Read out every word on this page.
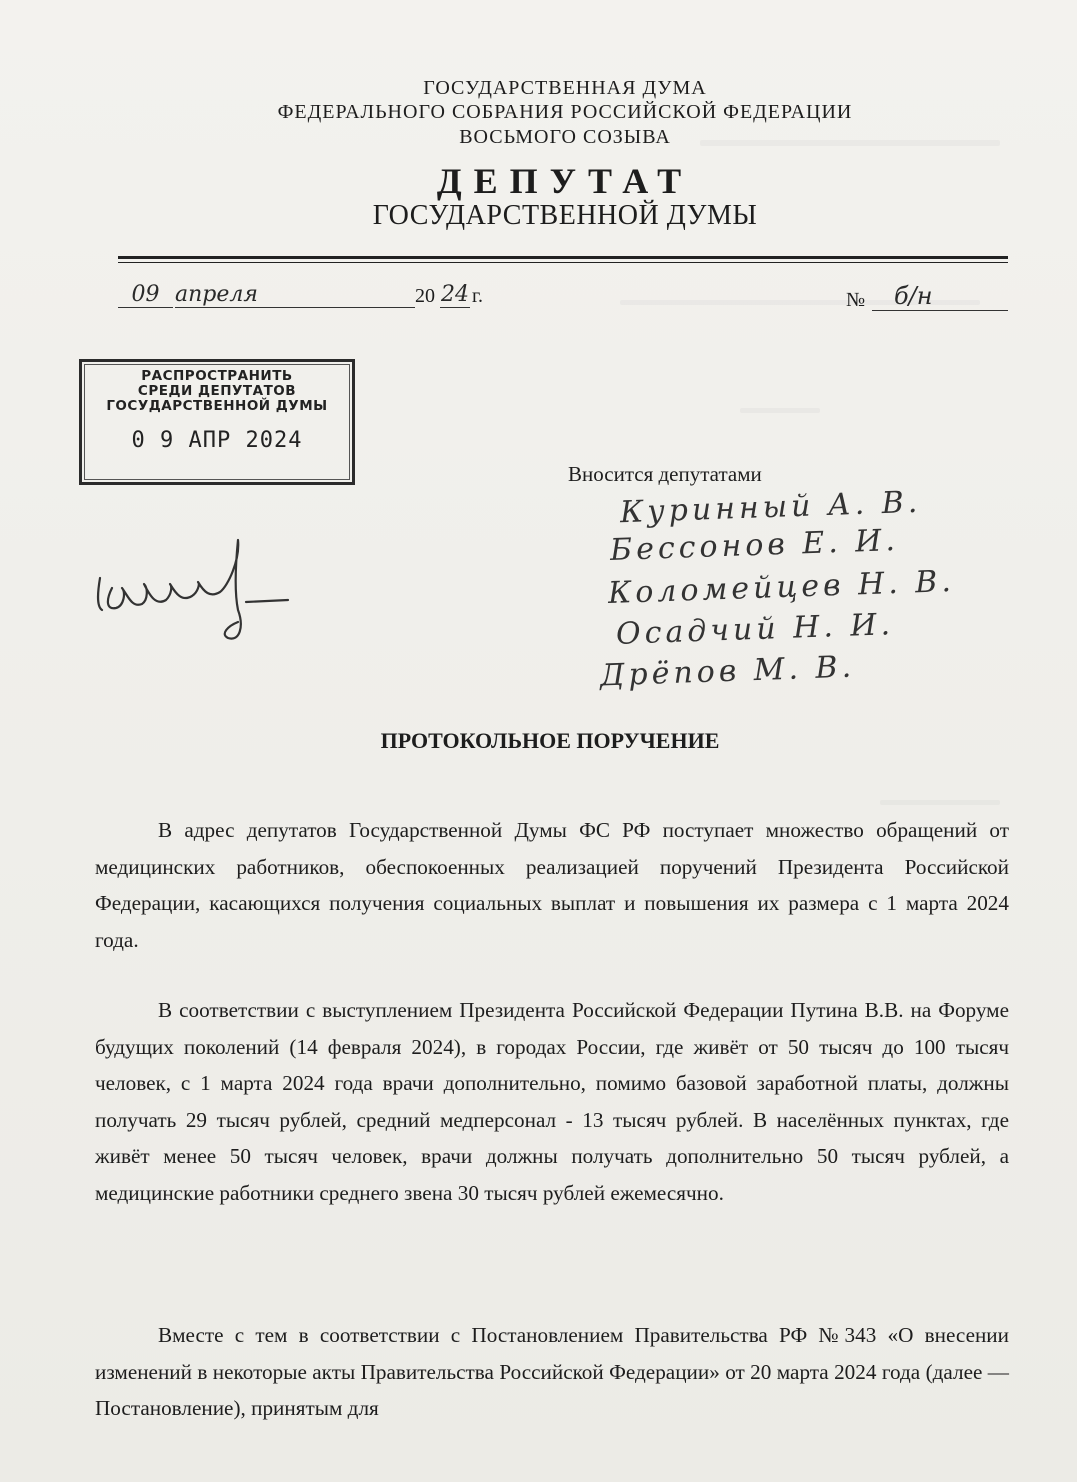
ГОСУДАРСТВЕННАЯ ДУМА
ФЕДЕРАЛЬНОГО СОБРАНИЯ РОССИЙСКОЙ ФЕДЕРАЦИИ
ВОСЬМОГО СОЗЫВА
ДЕПУТАТ
ГОСУДАРСТВЕННОЙ ДУМЫ
09 апреля	20 24 г.	№	б/н
РАСПРОСТРАНИТЬ
СРЕДИ ДЕПУТАТОВ
ГОСУДАРСТВЕННОЙ ДУМЫ
0 9 АПР 2024
Вносится депутатами
Куринный А. В.
Бессонов Е. И.
Коломейцев Н. В.
Осадчий Н. И.
Дрёпов М. В.
ПРОТОКОЛЬНОЕ ПОРУЧЕНИЕ
В адрес депутатов Государственной Думы ФС РФ поступает множество обращений от медицинских работников, обеспокоенных реализацией поручений Президента Российской Федерации, касающихся получения социальных выплат и повышения их размера с 1 марта 2024 года.
В соответствии с выступлением Президента Российской Федерации Путина В.В. на Форуме будущих поколений (14 февраля 2024), в городах России, где живёт от 50 тысяч до 100 тысяч человек, с 1 марта 2024 года врачи дополнительно, помимо базовой заработной платы, должны получать 29 тысяч рублей, средний медперсонал - 13 тысяч рублей. В населённых пунктах, где живёт менее 50 тысяч человек, врачи должны получать дополнительно 50 тысяч рублей, а медицинские работники среднего звена 30 тысяч рублей ежемесячно.
Вместе с тем в соответствии с Постановлением Правительства РФ №343 «О внесении изменений в некоторые акты Правительства Российской Федерации» от 20 марта 2024 года (далее — Постановление), принятым для
